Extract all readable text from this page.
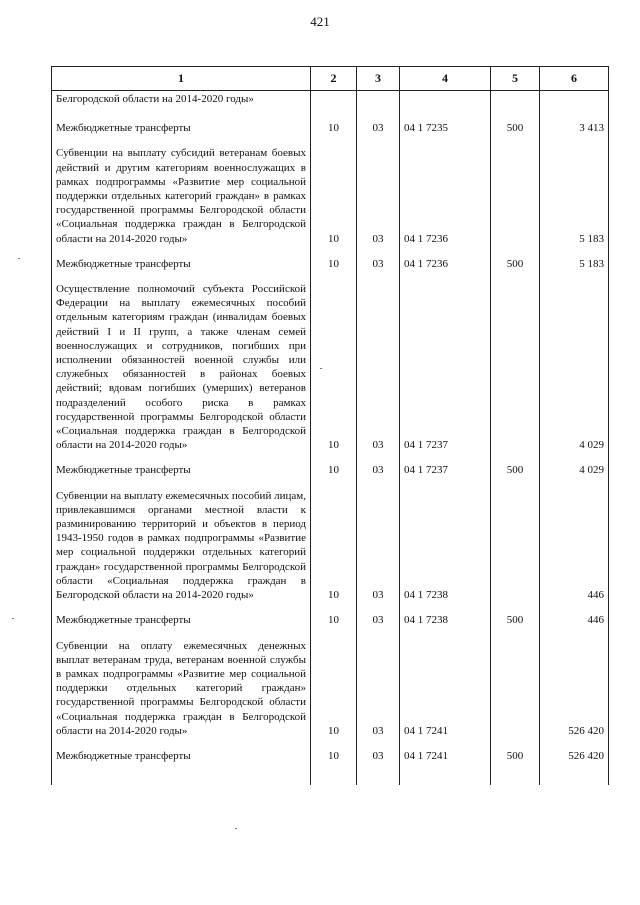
421
1	2	3	4	5	6
Белгородской области на 2014-2020 годы»					
Межбюджетные трансферты	10	03	04 1 7235	500	3 413
Субвенции на выплату субсидий ветеранам боевых действий и другим категориям военнослужащих в рамках подпрограммы «Развитие мер социальной поддержки отдельных категорий граждан» в рамках государственной программы Белгородской области «Социальная поддержка граждан в Белгородской области на 2014-2020 годы»	10	03	04 1 7236		5 183
Межбюджетные трансферты	10	03	04 1 7236	500	5 183
Осуществление полномочий субъекта Российской Федерации на выплату ежемесячных пособий отдельным категориям граждан (инвалидам боевых действий I и II групп, а также членам семей военнослужащих и сотрудников, погибших при исполнении обязанностей военной службы или служебных обязанностей в районах боевых действий; вдовам погибших (умерших) ветеранов подразделений особого риска в рамках государственной программы Белгородской области «Социальная поддержка граждан в Белгородской области на 2014-2020 годы»	10	03	04 1 7237		4 029
Межбюджетные трансферты	10	03	04 1 7237	500	4 029
Субвенции на выплату ежемесячных пособий лицам, привлекавшимся органами местной власти к разминированию территорий и объектов в период 1943-1950 годов в рамках подпрограммы «Развитие мер социальной поддержки отдельных категорий граждан» государственной программы Белгородской области «Социальная поддержка граждан в Белгородской области на 2014-2020 годы»	10	03	04 1 7238		446
Межбюджетные трансферты	10	03	04 1 7238	500	446
Субвенции на оплату ежемесячных денежных выплат ветеранам труда, ветеранам военной службы в рамках подпрограммы «Развитие мер социальной поддержки отдельных категорий граждан» государственной программы Белгородской области «Социальная поддержка граждан в Белгородской области на 2014-2020 годы»	10	03	04 1 7241		526 420
Межбюджетные трансферты	10	03	04 1 7241	500	526 420
